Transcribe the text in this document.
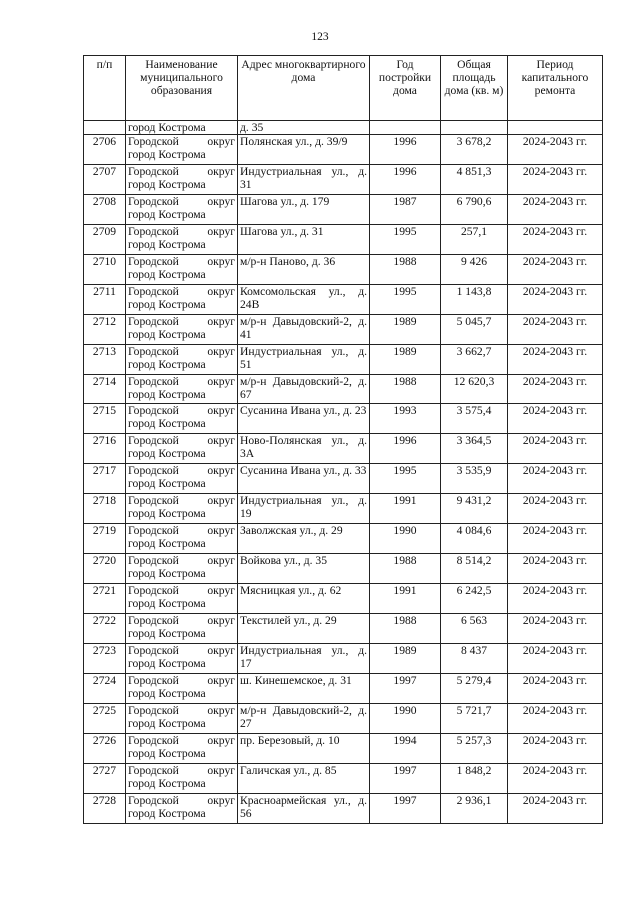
123
п/п	Наименование муниципального образования	Адрес многоквартирного дома	Год постройки дома	Общая площадь дома (кв. м)	Период капитального ремонта
	город Кострома	д. 35			
2706	Городской округ город Кострома	Полянская ул., д. 39/9	1996	3 678,2	2024-2043 гг.
2707	Городской округ город Кострома	Индустриальная ул., д. 31	1996	4 851,3	2024-2043 гг.
2708	Городской округ город Кострома	Шагова ул., д. 179	1987	6 790,6	2024-2043 гг.
2709	Городской округ город Кострома	Шагова ул., д. 31	1995	257,1	2024-2043 гг.
2710	Городской округ город Кострома	м/р-н Паново, д. 36	1988	9 426	2024-2043 гг.
2711	Городской округ город Кострома	Комсомольская ул., д. 24В	1995	1 143,8	2024-2043 гг.
2712	Городской округ город Кострома	м/р-н Давыдовский-2, д. 41	1989	5 045,7	2024-2043 гг.
2713	Городской округ город Кострома	Индустриальная ул., д. 51	1989	3 662,7	2024-2043 гг.
2714	Городской округ город Кострома	м/р-н Давыдовский-2, д. 67	1988	12 620,3	2024-2043 гг.
2715	Городской округ город Кострома	Сусанина Ивана ул., д. 23	1993	3 575,4	2024-2043 гг.
2716	Городской округ город Кострома	Ново-Полянская ул., д. 3А	1996	3 364,5	2024-2043 гг.
2717	Городской округ город Кострома	Сусанина Ивана ул., д. 33	1995	3 535,9	2024-2043 гг.
2718	Городской округ город Кострома	Индустриальная ул., д. 19	1991	9 431,2	2024-2043 гг.
2719	Городской округ город Кострома	Заволжская ул., д. 29	1990	4 084,6	2024-2043 гг.
2720	Городской округ город Кострома	Войкова ул., д. 35	1988	8 514,2	2024-2043 гг.
2721	Городской округ город Кострома	Мясницкая ул., д. 62	1991	6 242,5	2024-2043 гг.
2722	Городской округ город Кострома	Текстилей ул., д. 29	1988	6 563	2024-2043 гг.
2723	Городской округ город Кострома	Индустриальная ул., д. 17	1989	8 437	2024-2043 гг.
2724	Городской округ город Кострома	ш. Кинешемское, д. 31	1997	5 279,4	2024-2043 гг.
2725	Городской округ город Кострома	м/р-н Давыдовский-2, д. 27	1990	5 721,7	2024-2043 гг.
2726	Городской округ город Кострома	пр. Березовый, д. 10	1994	5 257,3	2024-2043 гг.
2727	Городской округ город Кострома	Галичская ул., д. 85	1997	1 848,2	2024-2043 гг.
2728	Городской округ город Кострома	Красноармейская ул., д. 56	1997	2 936,1	2024-2043 гг.
